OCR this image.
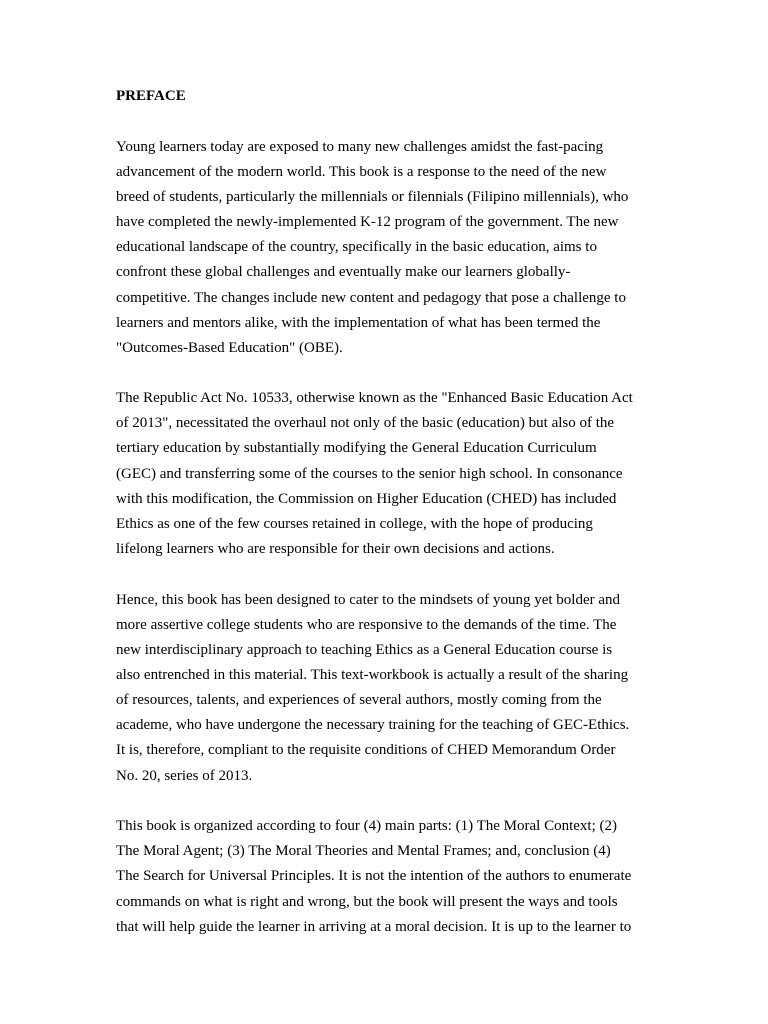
PREFACE

Young learners today are exposed to many new challenges amidst the fast-pacing

advancement of the modern world. This book is a response to the need of the new

breed of students, particularly the millennials or filennials (Filipino millennials), who

have completed the newly-implemented K-12 program of the government. The new

educational landscape of the country, specifically in the basic education, aims to

confront these global challenges and eventually make our learners globally-

competitive. The changes include new content and pedagogy that pose a challenge to

learners and mentors alike, with the implementation of what has been termed the

"Outcomes-Based Education" (OBE).

The Republic Act No. 10533, otherwise known as the "Enhanced Basic Education Act

of 2013", necessitated the overhaul not only of the basic (education) but also of the

tertiary education by substantially modifying the General Education Curriculum

(GEC) and transferring some of the courses to the senior high school. In consonance

with this modification, the Commission on Higher Education (CHED) has included

Ethics as one of the few courses retained in college, with the hope of producing

lifelong learners who are responsible for their own decisions and actions.

Hence, this book has been designed to cater to the mindsets of young yet bolder and

more assertive college students who are responsive to the demands of the time. The

new interdisciplinary approach to teaching Ethics as a General Education course is

also entrenched in this material. This text-workbook is actually a result of the sharing

of resources, talents, and experiences of several authors, mostly coming from the

academe, who have undergone the necessary training for the teaching of GEC-Ethics.

It is, therefore, compliant to the requisite conditions of CHED Memorandum Order

No. 20, series of 2013.

This book is organized according to four (4) main parts: (1) The Moral Context; (2)

The Moral Agent; (3) The Moral Theories and Mental Frames; and, conclusion (4)

The Search for Universal Principles. It is not the intention of the authors to enumerate

commands on what is right and wrong, but the book will present the ways and tools

that will help guide the learner in arriving at a moral decision. It is up to the learner to
